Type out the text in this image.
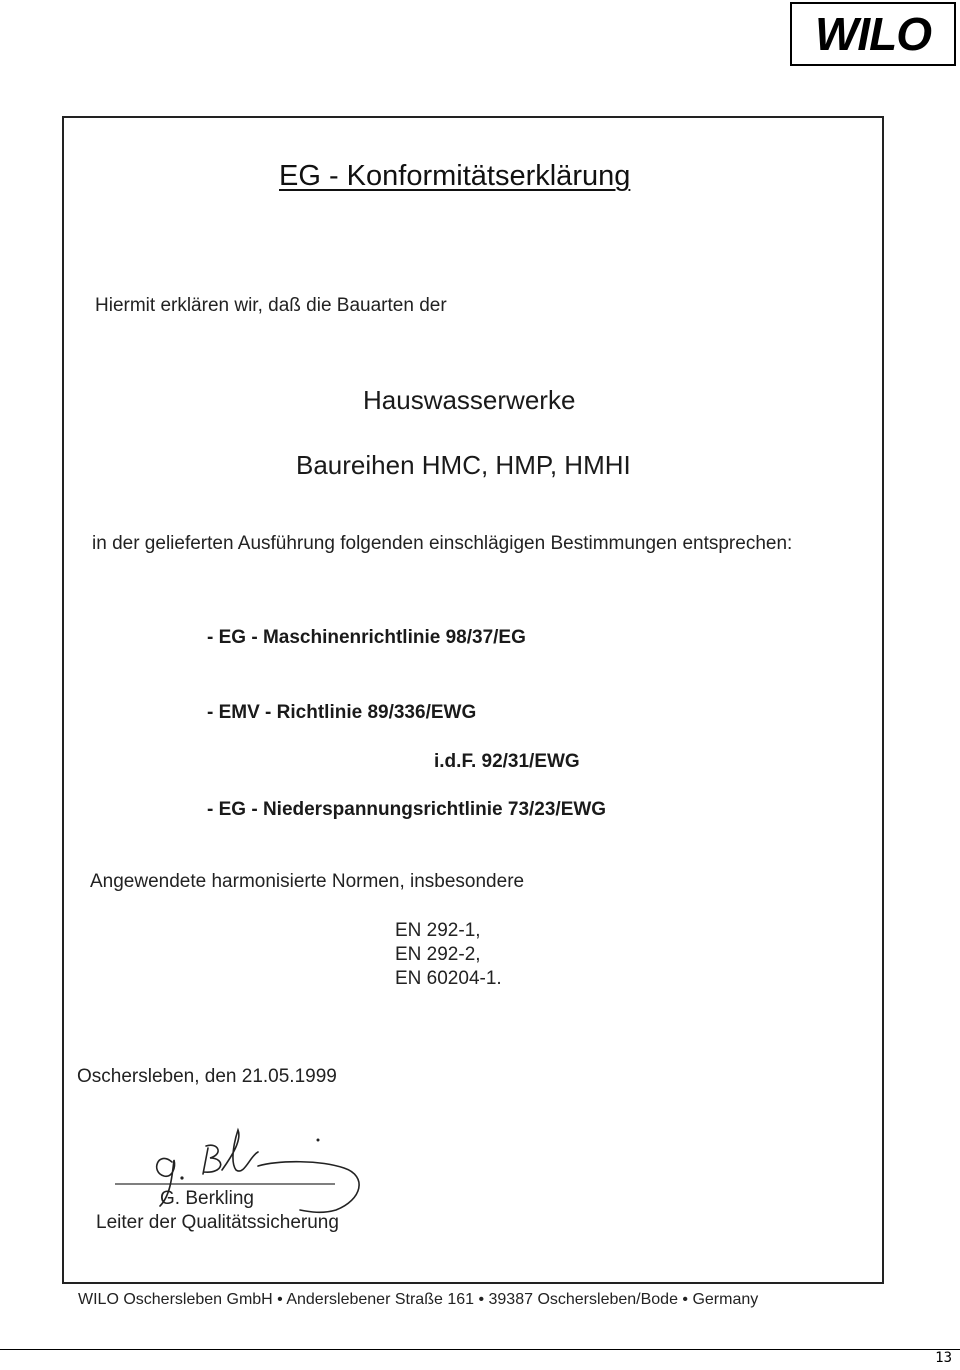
WILO
EG - Konformitätserklärung
Hiermit erklären wir, daß die Bauarten der
Hauswasserwerke
Baureihen HMC, HMP, HMHI
in der gelieferten Ausführung folgenden einschlägigen Bestimmungen entsprechen:
- EG - Maschinenrichtlinie 98/37/EG
- EMV - Richtlinie 89/336/EWG
i.d.F. 92/31/EWG
- EG - Niederspannungsrichtlinie 73/23/EWG
Angewendete harmonisierte Normen, insbesondere
EN 292-1,
EN 292-2,
EN 60204-1.
Oschersleben, den 21.05.1999
G. Berkling
Leiter der Qualitätssicherung
WILO Oschersleben GmbH • Anderslebener Straße 161 • 39387 Oschersleben/Bode • Germany
13
